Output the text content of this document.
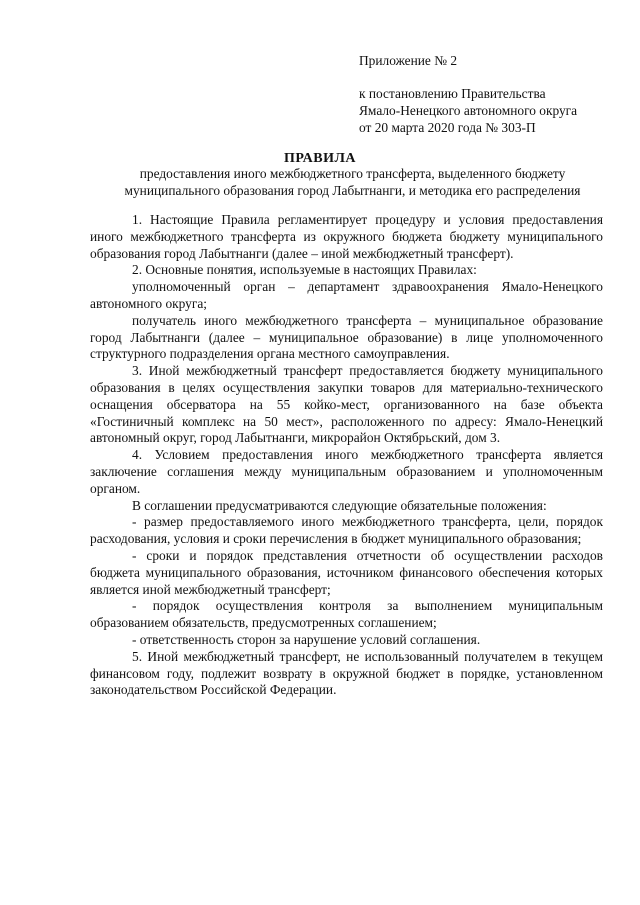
Приложение № 2
к постановлению Правительства
Ямало-Ненецкого автономного округа
от 20 марта 2020 года № 303-П
ПРАВИЛА
предоставления иного межбюджетного трансферта, выделенного бюджету
муниципального образования город Лабытнанги, и методика его распределения

1. Настоящие Правила регламентирует процедуру и условия предоставления иного межбюджетного трансферта из окружного бюджета бюджету муниципального образования город Лабытнанги (далее – иной межбюджетный трансферт).

2. Основные понятия, используемые в настоящих Правилах:

уполномоченный орган – департамент здравоохранения Ямало-Ненецкого автономного округа;

получатель иного межбюджетного трансферта – муниципальное образование город Лабытнанги (далее – муниципальное образование) в лице уполномоченного структурного подразделения органа местного самоуправления.

3. Иной межбюджетный трансферт предоставляется бюджету муниципального образования в целях осуществления закупки товаров для материально-технического оснащения обсерватора на 55 койко-мест, организованного на базе объекта «Гостиничный комплекс на 50 мест», расположенного по адресу: Ямало-Ненецкий автономный округ, город Лабытнанги, микрорайон Октябрьский, дом 3.

4. Условием предоставления иного межбюджетного трансферта является заключение соглашения между муниципальным образованием и уполномоченным органом.

В соглашении предусматриваются следующие обязательные положения:

- размер предоставляемого иного межбюджетного трансферта, цели, порядок расходования, условия и сроки перечисления в бюджет муниципального образования;

- сроки и порядок представления отчетности об осуществлении расходов бюджета муниципального образования, источником финансового обеспечения которых является иной межбюджетный трансферт;

- порядок осуществления контроля за выполнением муниципальным образованием обязательств, предусмотренных соглашением;

- ответственность сторон за нарушение условий соглашения.

5. Иной межбюджетный трансферт, не использованный получателем в текущем финансовом году, подлежит возврату в окружной бюджет в порядке, установленном законодательством Российской Федерации.
